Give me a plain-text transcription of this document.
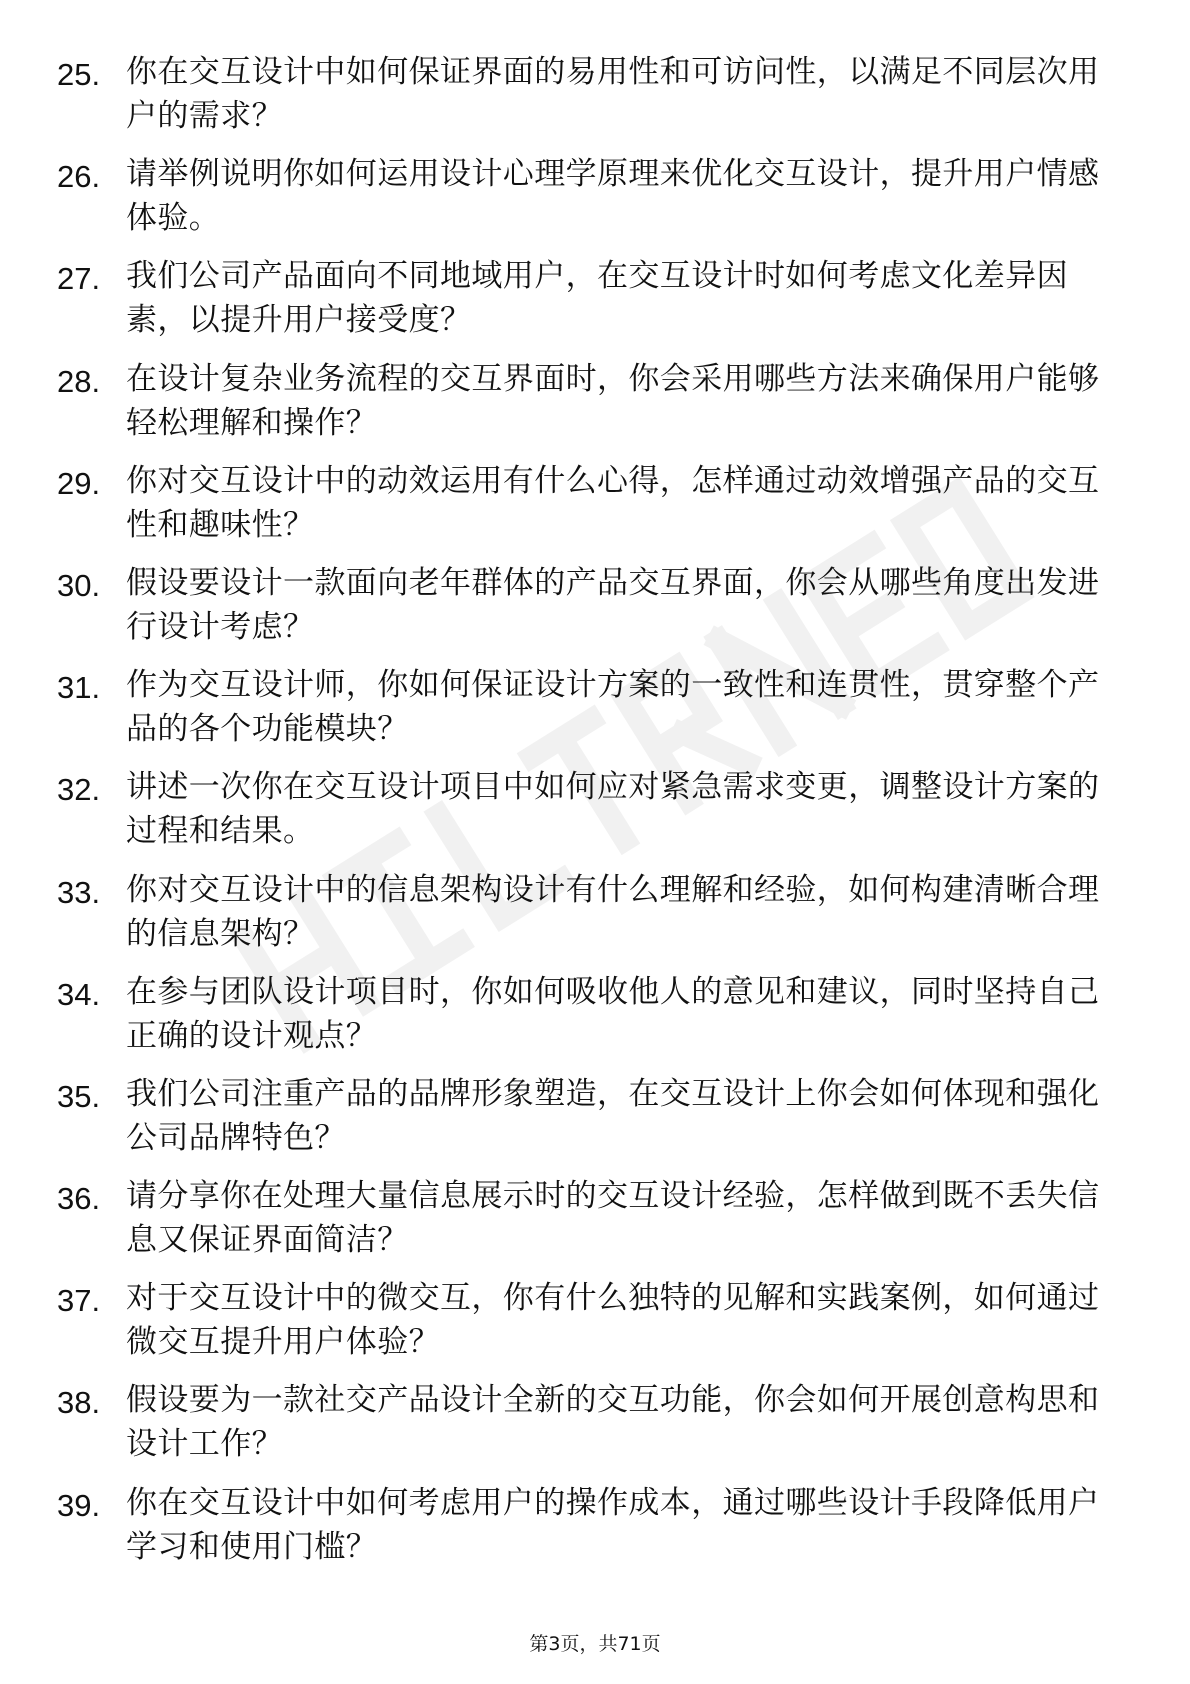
25. 你在交互设计中如何保证界面的易用性和可访问性，以满足不同层次用户的需求？
26. 请举例说明你如何运用设计心理学原理来优化交互设计，提升用户情感体验。
27. 我们公司产品面向不同地域用户，在交互设计时如何考虑文化差异因素，以提升用户接受度？
28. 在设计复杂业务流程的交互界面时，你会采用哪些方法来确保用户能够轻松理解和操作？
29. 你对交互设计中的动效运用有什么心得，怎样通过动效增强产品的交互性和趣味性？
30. 假设要设计一款面向老年群体的产品交互界面，你会从哪些角度出发进行设计考虑？
31. 作为交互设计师，你如何保证设计方案的一致性和连贯性，贯穿整个产品的各个功能模块？
32. 讲述一次你在交互设计项目中如何应对紧急需求变更，调整设计方案的过程和结果。
33. 你对交互设计中的信息架构设计有什么理解和经验，如何构建清晰合理的信息架构？
34. 在参与团队设计项目时，你如何吸收他人的意见和建议，同时坚持自己正确的设计观点？
35. 我们公司注重产品的品牌形象塑造，在交互设计上你会如何体现和强化公司品牌特色？
36. 请分享你在处理大量信息展示时的交互设计经验，怎样做到既不丢失信息又保证界面简洁？
37. 对于交互设计中的微交互，你有什么独特的见解和实践案例，如何通过微交互提升用户体验？
38. 假设要为一款社交产品设计全新的交互功能，你会如何开展创意构思和设计工作？
39. 你在交互设计中如何考虑用户的操作成本，通过哪些设计手段降低用户学习和使用门槛？
第3页，共71页
